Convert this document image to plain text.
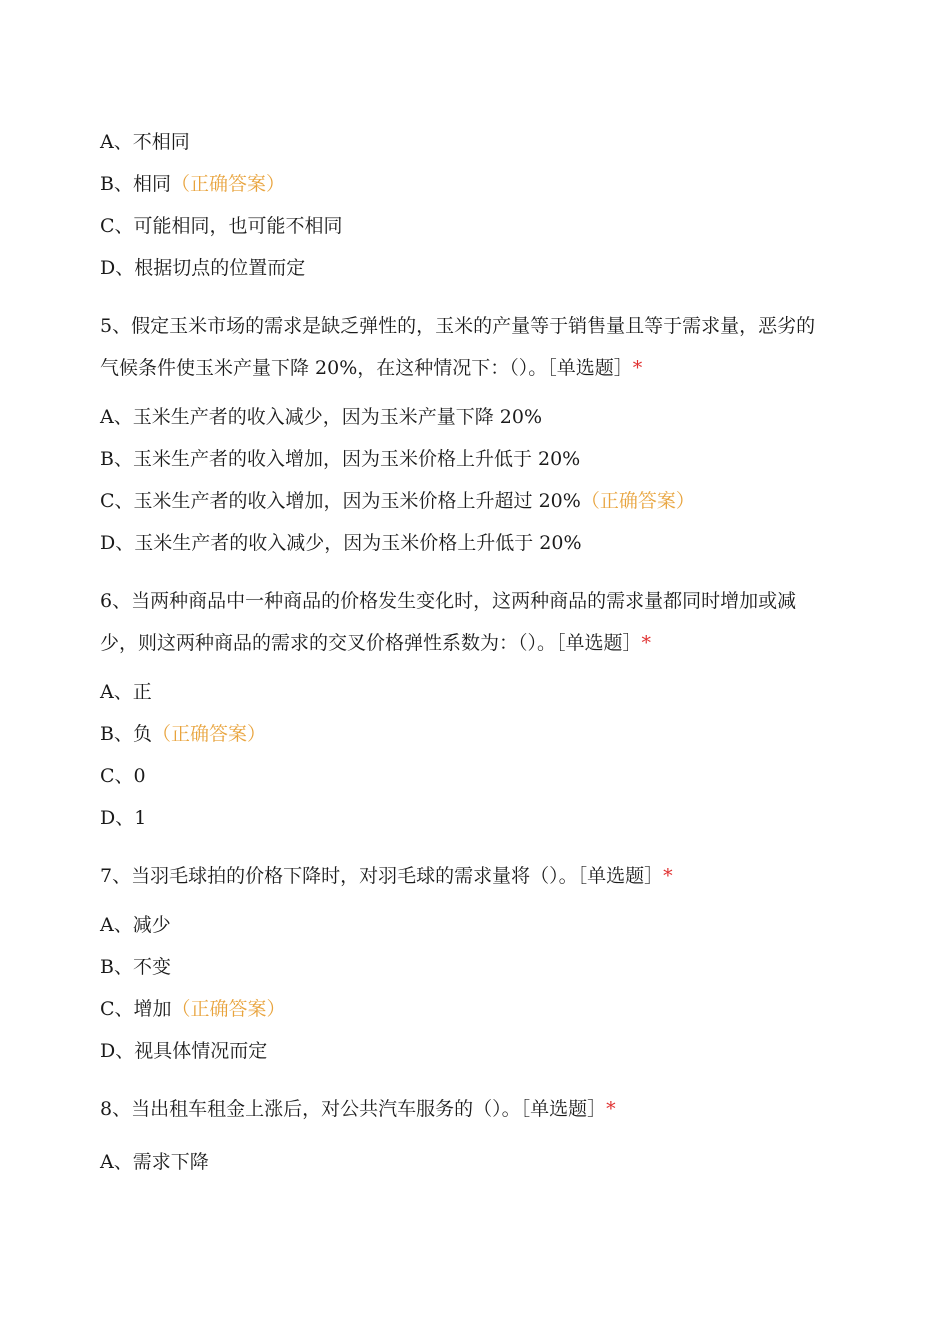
A、不相同
B、相同（正确答案）
C、可能相同，也可能不相同
D、根据切点的位置而定
5、假定玉米市场的需求是缺乏弹性的，玉米的产量等于销售量且等于需求量，恶劣的气候条件使玉米产量下降 20%，在这种情况下：（）。［单选题］*
A、玉米生产者的收入减少，因为玉米产量下降 20%
B、玉米生产者的收入增加，因为玉米价格上升低于 20%
C、玉米生产者的收入增加，因为玉米价格上升超过 20%（正确答案）
D、玉米生产者的收入减少，因为玉米价格上升低于 20%
6、当两种商品中一种商品的价格发生变化时，这两种商品的需求量都同时增加或减少，则这两种商品的需求的交叉价格弹性系数为：（）。［单选题］*
A、正
B、负（正确答案）
C、0
D、1
7、当羽毛球拍的价格下降时，对羽毛球的需求量将（）。［单选题］*
A、减少
B、不变
C、增加（正确答案）
D、视具体情况而定
8、当出租车租金上涨后，对公共汽车服务的（）。［单选题］*
A、需求下降
